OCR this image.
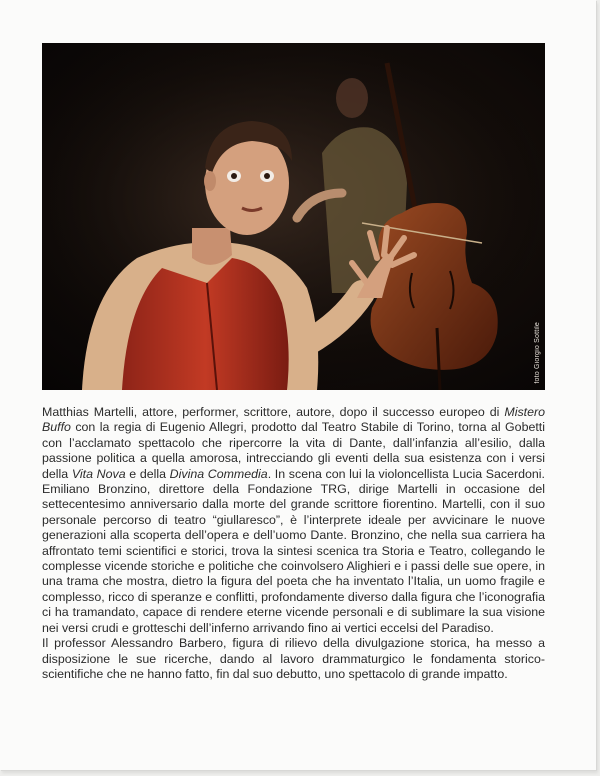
foto Giorgio Sottile

Matthias Martelli, attore, performer, scrittore, autore, dopo il successo europeo di Mistero Buffo con la regia di Eugenio Allegri, prodotto dal Teatro Stabile di Torino, torna al Gobetti con l’acclamato spettacolo che ripercorre la vita di Dante, dall’infanzia all’esilio, dalla passione politica a quella amorosa, intrecciando gli eventi della sua esistenza con i versi della Vita Nova e della Divina Commedia. In scena con lui la violoncellista Lucia Sacerdoni. Emiliano Bronzino, direttore della Fondazione TRG, dirige Martelli in occasione del settecentesimo anniversario dalla morte del grande scrittore fiorentino. Martelli, con il suo personale percorso di teatro “giullaresco”, è l’interprete ideale per avvicinare le nuove generazioni alla scoperta dell’opera e dell’uomo Dante. Bronzino, che nella sua carriera ha affrontato temi scientifici e storici, trova la sintesi scenica tra Storia e Teatro, collegando le complesse vicende storiche e politiche che coinvolsero Alighieri e i passi delle sue opere, in una trama che mostra, dietro la figura del poeta che ha inventato l’Italia, un uomo fragile e complesso, ricco di speranze e conflitti, profondamente diverso dalla figura che l’iconografia ci ha tramandato, capace di rendere eterne vicende personali e di sublimare la sua visione nei versi crudi e grotteschi dell’inferno arrivando fino ai vertici eccelsi del Paradiso.

Il professor Alessandro Barbero, figura di rilievo della divulgazione storica, ha messo a disposizione le sue ricerche, dando al lavoro drammaturgico le fondamenta storico-scientifiche che ne hanno fatto, fin dal suo debutto, uno spettacolo di grande impatto.
